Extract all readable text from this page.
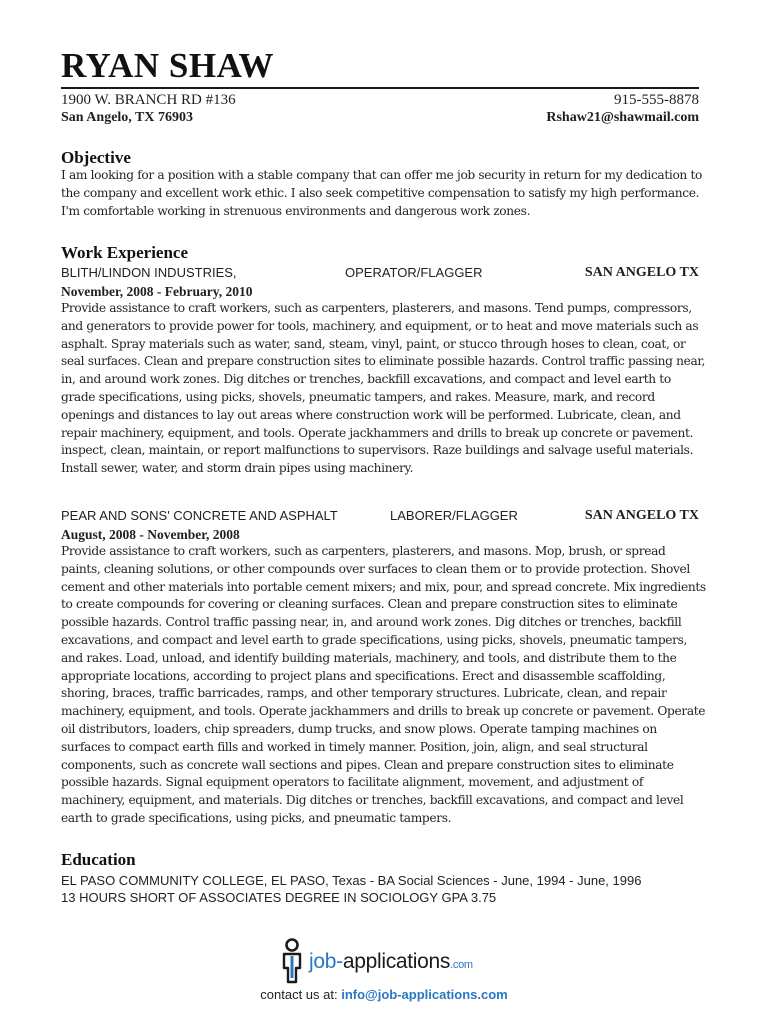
RYAN SHAW
1900 W. BRANCH RD #136	915-555-8878
San Angelo, TX 76903	Rshaw21@shawmail.com
Objective

I am looking for a position with a stable company that can offer me job security in return for my dedication to the company and excellent work ethic. I also seek competitive compensation to satisfy my high performance. I'm comfortable working in strenuous environments and dangerous work zones.

Work Experience
BLITH/LINDON INDUSTRIES,	OPERATOR/FLAGGER	SAN ANGELO TX

November, 2008 - February, 2010

Provide assistance to craft workers, such as carpenters, plasterers, and masons. Tend pumps, compressors, and generators to provide power for tools, machinery, and equipment, or to heat and move materials such as asphalt. Spray materials such as water, sand, steam, vinyl, paint, or stucco through hoses to clean, coat, or seal surfaces. Clean and prepare construction sites to eliminate possible hazards. Control traffic passing near, in, and around work zones. Dig ditches or trenches, backfill excavations, and compact and level earth to grade specifications, using picks, shovels, pneumatic tampers, and rakes. Measure, mark, and record openings and distances to lay out areas where construction work will be performed. Lubricate, clean, and repair machinery, equipment, and tools. Operate jackhammers and drills to break up concrete or pavement. inspect, clean, maintain, or report malfunctions to supervisors. Raze buildings and salvage useful materials. Install sewer, water, and storm drain pipes using machinery.

PEAR AND SONS' CONCRETE AND ASPHALT	LABORER/FLAGGER	SAN ANGELO TX

August, 2008 - November, 2008

Provide assistance to craft workers, such as carpenters, plasterers, and masons. Mop, brush, or spread paints, cleaning solutions, or other compounds over surfaces to clean them or to provide protection. Shovel cement and other materials into portable cement mixers; and mix, pour, and spread concrete. Mix ingredients to create compounds for covering or cleaning surfaces. Clean and prepare construction sites to eliminate possible hazards. Control traffic passing near, in, and around work zones. Dig ditches or trenches, backfill excavations, and compact and level earth to grade specifications, using picks, shovels, pneumatic tampers, and rakes. Load, unload, and identify building materials, machinery, and tools, and distribute them to the appropriate locations, according to project plans and specifications. Erect and disassemble scaffolding, shoring, braces, traffic barricades, ramps, and other temporary structures. Lubricate, clean, and repair machinery, equipment, and tools. Operate jackhammers and drills to break up concrete or pavement. Operate oil distributors, loaders, chip spreaders, dump trucks, and snow plows. Operate tamping machines on surfaces to compact earth fills and worked in timely manner. Position, join, align, and seal structural components, such as concrete wall sections and pipes. Clean and prepare construction sites to eliminate possible hazards. Signal equipment operators to facilitate alignment, movement, and adjustment of machinery, equipment, and materials. Dig ditches or trenches, backfill excavations, and compact and level earth to grade specifications, using picks, and pneumatic tampers.

Education

EL PASO COMMUNITY COLLEGE, EL PASO, Texas - BA Social Sciences - June, 1994 - June, 1996

13 HOURS SHORT OF ASSOCIATES DEGREE IN SOCIOLOGY GPA 3.75

job-applications.com
contact us at: info@job-applications.com
